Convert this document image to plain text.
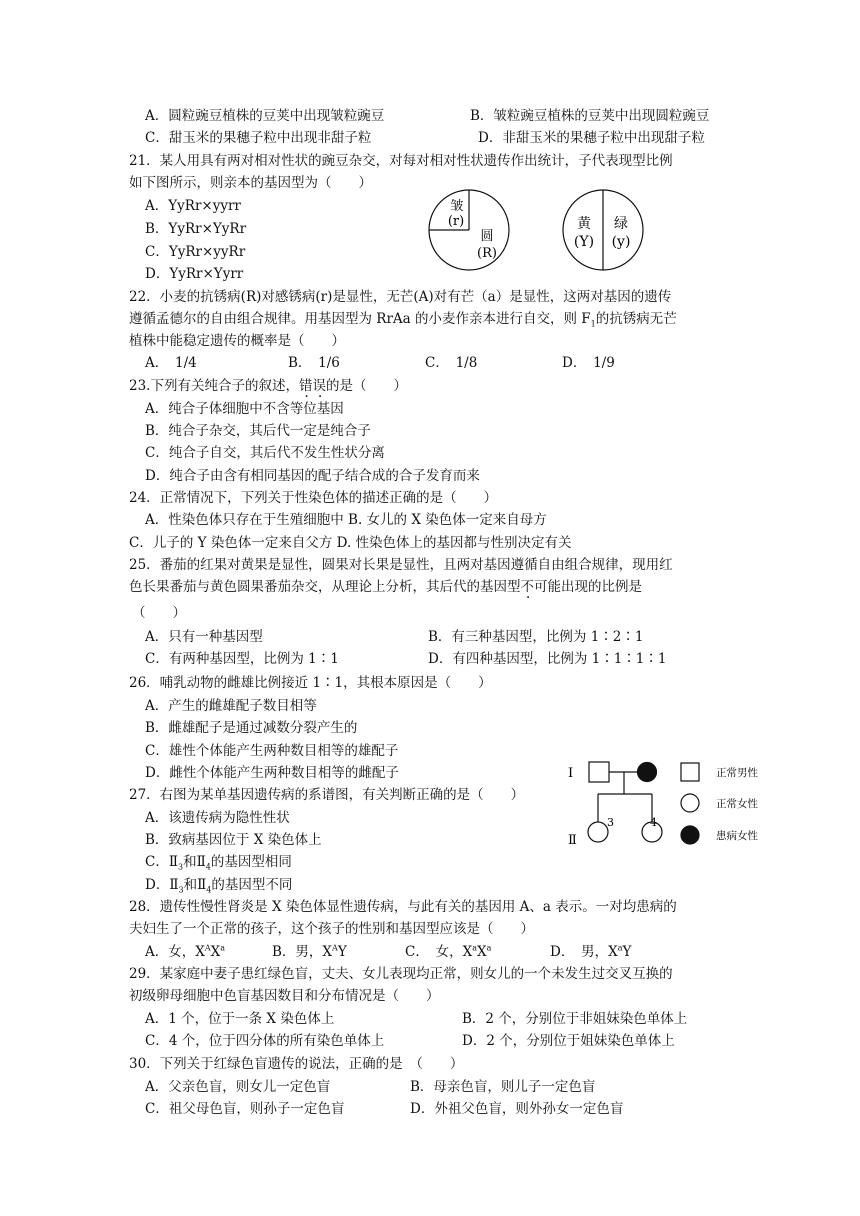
A．圆粒豌豆植株的豆荚中出现皱粒豌豆	B．皱粒豌豆植株的豆荚中出现圆粒豌豆
C．甜玉米的果穗子粒中出现非甜子粒	D．非甜玉米的果穗子粒中出现甜子粒
21．某人用具有两对相对性状的豌豆杂交，对每对相对性状遗传作出统计，子代表现型比例
如下图所示，则亲本的基因型为（　　）
A．YyRr×yyrr
B．YyRr×YyRr
C．YyRr×yyRr
D．YyRr×Yyrr
皱
(r)
圆
(R)
黄
(Y)
绿
(y)
22．小麦的抗锈病(R)对感锈病(r)是显性，无芒(A)对有芒（a）是显性，这两对基因的遗传
遵循孟德尔的自由组合规律。用基因型为 RrAa 的小麦作亲本进行自交，则 $F_1$的抗锈病无芒
植株中能稳定遗传的概率是（　　）
A．　1/4	B．　1/6	C．　1/8	D．　1/9
23.下列有关纯合子的叙述，错误的是（　　）
A．纯合子体细胞中不含等位基因
B．纯合子杂交，其后代一定是纯合子
C．纯合子自交，其后代不发生性状分离
D．纯合子由含有相同基因的配子结合成的合子发育而来
24．正常情况下，下列关于性染色体的描述正确的是（　　）
A．性染色体只存在于生殖细胞中 B. 女儿的 X 染色体一定来自母方
C．儿子的 Y 染色体一定来自父方 D. 性染色体上的基因都与性别决定有关
25．番茄的红果对黄果是显性，圆果对长果是显性，且两对基因遵循自由组合规律，现用红
色长果番茄与黄色圆果番茄杂交，从理论上分析，其后代的基因型不可能出现的比例是
（　　）
A．只有一种基因型	B．有三种基因型，比例为 1∶2∶1
C．有两种基因型，比例为 1∶1	D．有四种基因型，比例为 1∶1∶1∶1
26．哺乳动物的雌雄比例接近 1∶1，其根本原因是（　　）
A．产生的雌雄配子数目相等
B．雌雄配子是通过减数分裂产生的
C．雄性个体能产生两种数目相等的雄配子
D．雌性个体能产生两种数目相等的雌配子
27．右图为某单基因遗传病的系谱图，有关判断正确的是（　　）
A．该遗传病为隐性性状
B．致病基因位于 X 染色体上
C．$Ⅱ_3$和$Ⅱ_4$的基因型相同
D．$Ⅱ_3$和$Ⅱ_4$的基因型不同
I
3	4
Ⅱ
正常男性
正常女性
患病女性
28．遗传性慢性肾炎是 X 染色体显性遗传病，与此有关的基因用 A、a 表示。一对均患病的
夫妇生了一个正常的孩子，这个孩子的性别和基因型应该是（　　）
A．女，$X^AX^a$	B．男，$X^AY$	C．　女，$X^aX^a$	D．　男，$X^aY$
29．某家庭中妻子患红绿色盲，丈夫、女儿表现均正常，则女儿的一个未发生过交叉互换的
初级卵母细胞中色盲基因数目和分布情况是（　　）
A．1 个，位于一条 X 染色体上	B．2 个，分别位于非姐妹染色单体上
C．4 个，位于四分体的所有染色单体上	D．2 个，分别位于姐妹染色单体上
30．下列关于红绿色盲遗传的说法，正确的是　（　　）
A．父亲色盲，则女儿一定色盲	B．母亲色盲，则儿子一定色盲
C．祖父母色盲，则孙子一定色盲	D．外祖父色盲，则外孙女一定色盲
